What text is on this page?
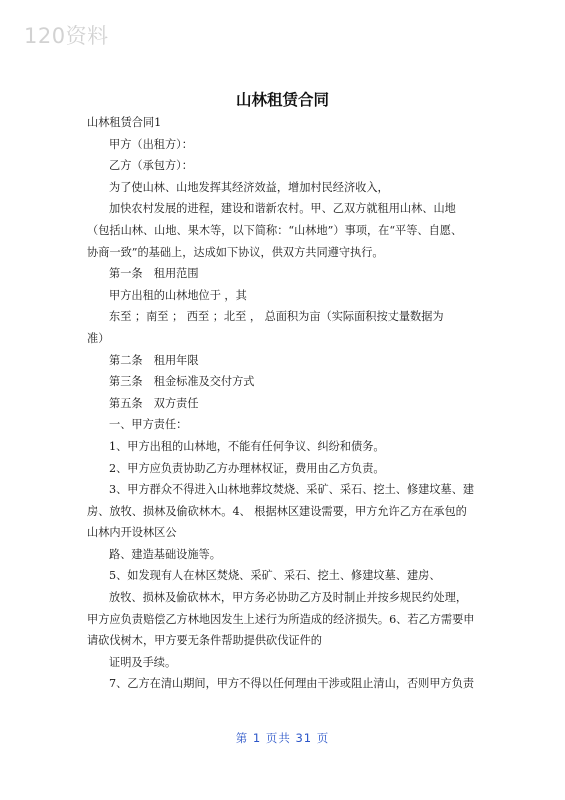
120资料
山林租赁合同

山林租赁合同1

甲方（出租方）：

乙方（承包方）：

为了使山林、山地发挥其经济效益，增加村民经济收入，

加快农村发展的进程，建设和谐新农村。甲、乙双方就租用山林、山地

（包括山林、山地、果木等，以下简称：“山林地”）事项，在“平等、自愿、

协商一致”的基础上，达成如下协议，供双方共同遵守执行。

第一条　租用范围

甲方出租的山林地位于 ，其

东至 ；南至 ； 西至 ；北至 ， 总面积为亩（实际面积按丈量数据为

准）

第二条　租用年限

第三条　租金标准及交付方式

第五条　双方责任

一、甲方责任：

1、甲方出租的山林地，不能有任何争议、纠纷和债务。

2、甲方应负责协助乙方办理林权证，费用由乙方负责。

3、甲方群众不得进入山林地葬坟焚烧、采矿、采石、挖土、修建坟墓、建

房、放牧、损林及偷砍林木。4、 根据林区建设需要，甲方允许乙方在承包的

山林内开设林区公

路、建造基础设施等。

5、如发现有人在林区焚烧、采矿、采石、挖土、修建坟墓、建房、

放牧、损林及偷砍林木，甲方务必协助乙方及时制止并按乡规民约处理，

甲方应负责赔偿乙方林地因发生上述行为所造成的经济损失。6、若乙方需要申

请砍伐树木，甲方要无条件帮助提供砍伐证件的

证明及手续。

7、乙方在清山期间，甲方不得以任何理由干涉或阻止清山，否则甲方负责

第 1 页共 31 页
